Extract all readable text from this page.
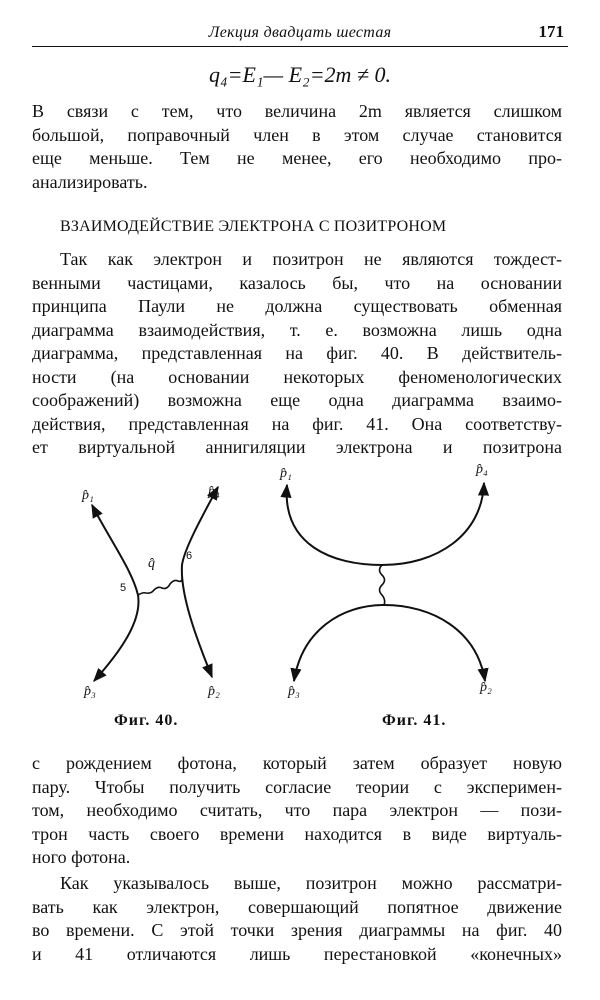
Лекция двадцать шестая	171
q₄=E₁— E₂=2m ≠ 0.
В связи с тем, что величина 2m является слишком
большой, поправочный член в этом случае становится
еще меньше. Тем не менее, его необходимо про-
анализировать.
ВЗАИМОДЕЙСТВИЕ ЭЛЕКТРОНА С ПОЗИТРОНОМ
Так как электрон и позитрон не являются тождест-
венными частицами, казалось бы, что на основании
принципа Паули не должна существовать обменная
диаграмма взаимодействия, т. е. возможна лишь одна
диаграмма, представленная на фиг. 40. В действитель-
ности (на основании некоторых феноменологических
соображений) возможна еще одна диаграмма взаимо-
действия, представленная на фиг. 41. Она соответству-
ет виртуальной аннигиляции электрона и позитрона
p̂₁	p̂₄
q̂
5
6
p̂₃	p̂₂
p̂₁	p̂₄
p̂₃	p̂₂
Фиг. 40.	Фиг. 41.
с рождением фотона, который затем образует новую
пару. Чтобы получить согласие теории с эксперимен-
том, необходимо считать, что пара электрон — пози-
трон часть своего времени находится в виде виртуаль-
ного фотона.
Как указывалось выше, позитрон можно рассматри-
вать как электрон, совершающий попятное движение
во времени. С этой точки зрения диаграммы на фиг. 40
и 41 отличаются лишь перестановкой «конечных»
